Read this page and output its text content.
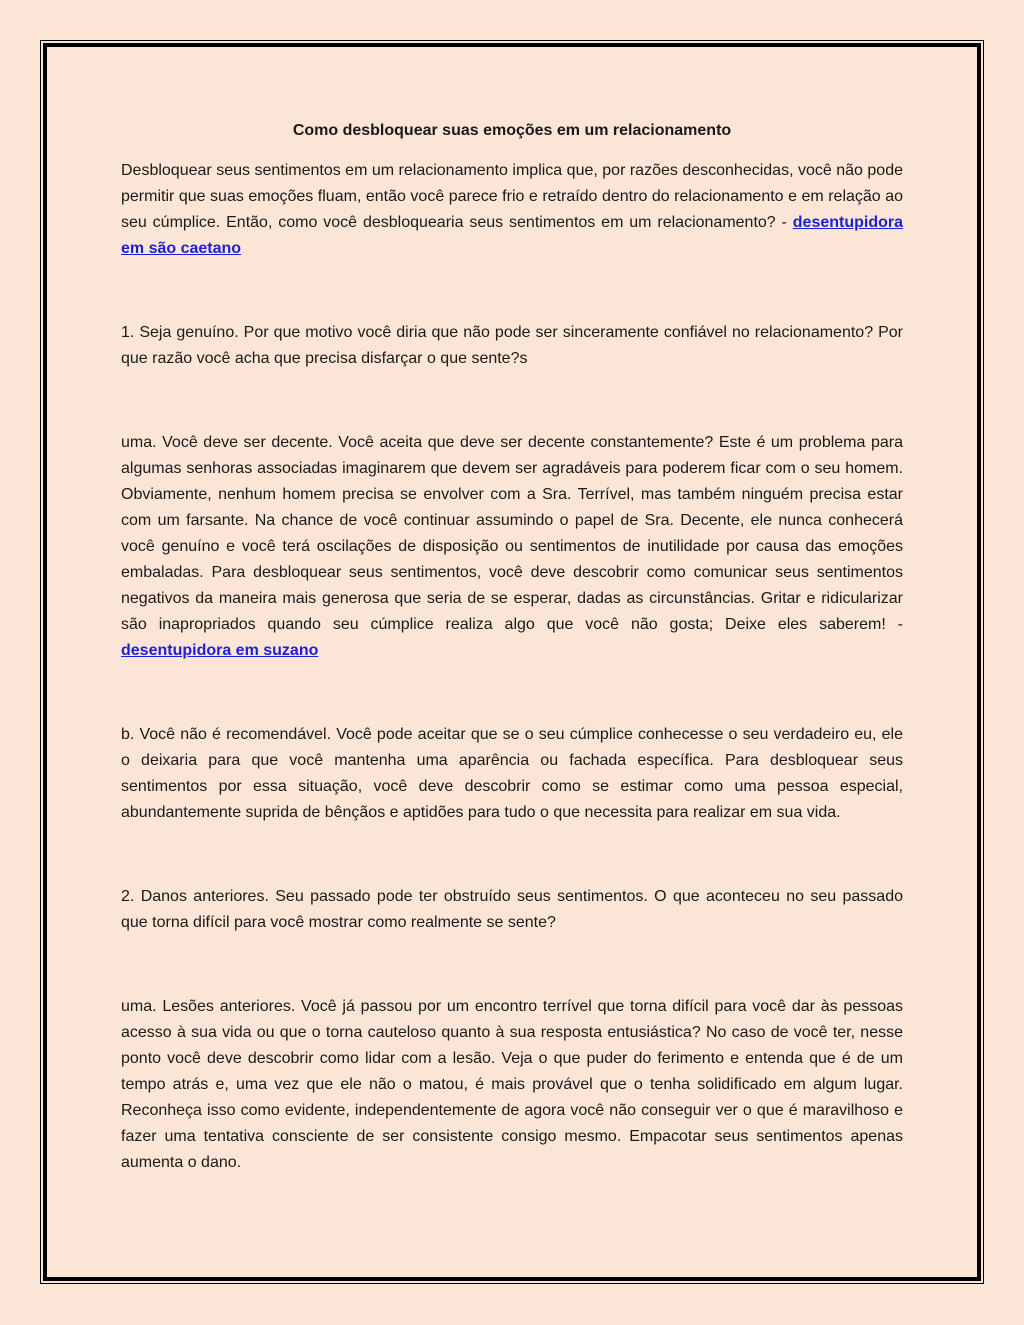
Como desbloquear suas emoções em um relacionamento

Desbloquear seus sentimentos em um relacionamento implica que, por razões desconhecidas, você não pode permitir que suas emoções fluam, então você parece frio e retraído dentro do relacionamento e em relação ao seu cúmplice. Então, como você desbloquearia seus sentimentos em um relacionamento? - desentupidora em são caetano

1. Seja genuíno. Por que motivo você diria que não pode ser sinceramente confiável no relacionamento? Por que razão você acha que precisa disfarçar o que sente?s

uma. Você deve ser decente. Você aceita que deve ser decente constantemente? Este é um problema para algumas senhoras associadas imaginarem que devem ser agradáveis para poderem ficar com o seu homem. Obviamente, nenhum homem precisa se envolver com a Sra. Terrível, mas também ninguém precisa estar com um farsante. Na chance de você continuar assumindo o papel de Sra. Decente, ele nunca conhecerá você genuíno e você terá oscilações de disposição ou sentimentos de inutilidade por causa das emoções embaladas. Para desbloquear seus sentimentos, você deve descobrir como comunicar seus sentimentos negativos da maneira mais generosa que seria de se esperar, dadas as circunstâncias. Gritar e ridicularizar são inapropriados quando seu cúmplice realiza algo que você não gosta; Deixe eles saberem! - desentupidora em suzano

b. Você não é recomendável. Você pode aceitar que se o seu cúmplice conhecesse o seu verdadeiro eu, ele o deixaria para que você mantenha uma aparência ou fachada específica. Para desbloquear seus sentimentos por essa situação, você deve descobrir como se estimar como uma pessoa especial, abundantemente suprida de bênçãos e aptidões para tudo o que necessita para realizar em sua vida.

2. Danos anteriores. Seu passado pode ter obstruído seus sentimentos. O que aconteceu no seu passado que torna difícil para você mostrar como realmente se sente?

uma. Lesões anteriores. Você já passou por um encontro terrível que torna difícil para você dar às pessoas acesso à sua vida ou que o torna cauteloso quanto à sua resposta entusiástica? No caso de você ter, nesse ponto você deve descobrir como lidar com a lesão. Veja o que puder do ferimento e entenda que é de um tempo atrás e, uma vez que ele não o matou, é mais provável que o tenha solidificado em algum lugar. Reconheça isso como evidente, independentemente de agora você não conseguir ver o que é maravilhoso e fazer uma tentativa consciente de ser consistente consigo mesmo. Empacotar seus sentimentos apenas aumenta o dano.
